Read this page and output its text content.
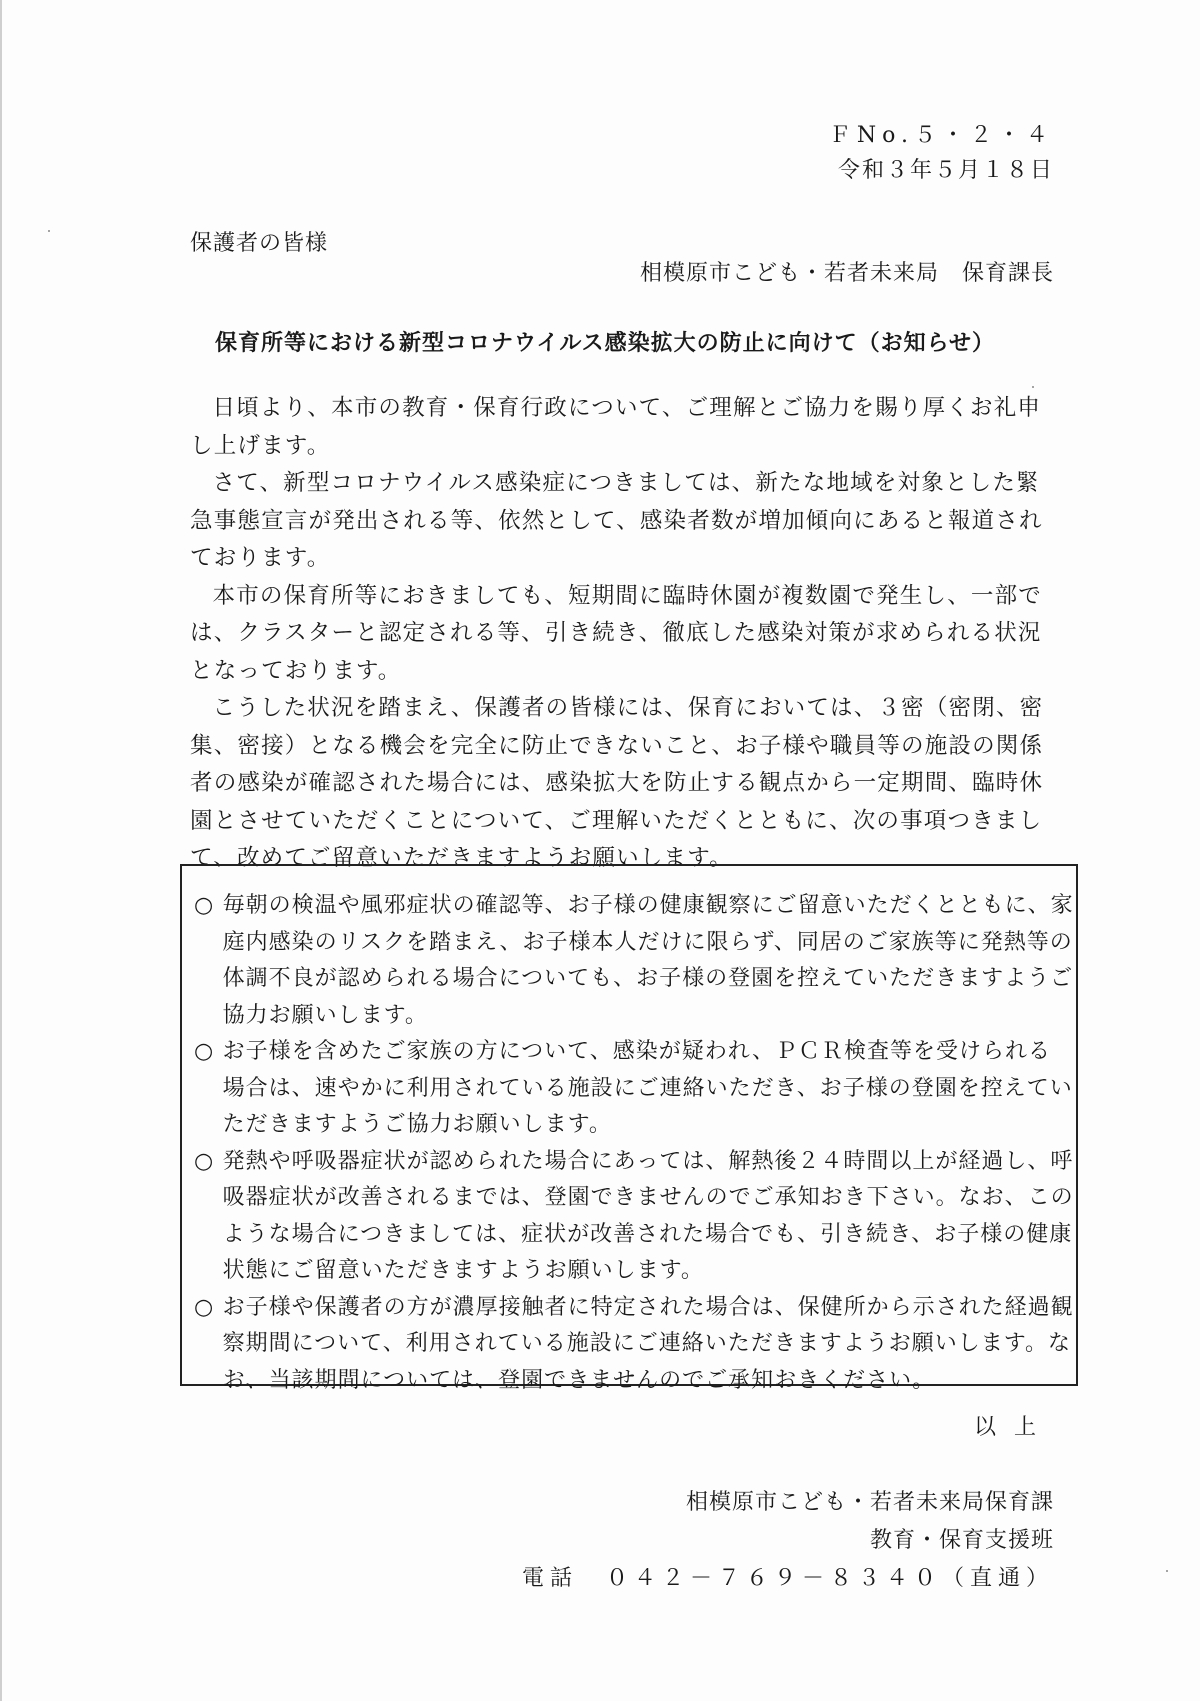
ＦNo.５・２・４
令和３年５月１８日
保護者の皆様
相模原市こども・若者未来局　保育課長
保育所等における新型コロナウイルス感染拡大の防止に向けて（お知らせ）

日頃より、本市の教育・保育行政について、ご理解とご協力を賜り厚くお礼申し上げます。

さて、新型コロナウイルス感染症につきましては、新たな地域を対象とした緊急事態宣言が発出される等、依然として、感染者数が増加傾向にあると報道されております。

本市の保育所等におきましても、短期間に臨時休園が複数園で発生し、一部では、クラスターと認定される等、引き続き、徹底した感染対策が求められる状況となっております。

こうした状況を踏まえ、保護者の皆様には、保育においては、３密（密閉、密集、密接）となる機会を完全に防止できないこと、お子様や職員等の施設の関係者の感染が確認された場合には、感染拡大を防止する観点から一定期間、臨時休園とさせていただくことについて、ご理解いただくとともに、次の事項つきまして、改めてご留意いただきますようお願いします。

○ 毎朝の検温や風邪症状の確認等、お子様の健康観察にご留意いただくとともに、家庭内感染のリスクを踏まえ、お子様本人だけに限らず、同居のご家族等に発熱等の体調不良が認められる場合についても、お子様の登園を控えていただきますようご協力お願いします。
○ お子様を含めたご家族の方について、感染が疑われ、ＰＣＲ検査等を受けられる場合は、速やかに利用されている施設にご連絡いただき、お子様の登園を控えていただきますようご協力お願いします。
○ 発熱や呼吸器症状が認められた場合にあっては、解熱後２４時間以上が経過し、呼吸器症状が改善されるまでは、登園できませんのでご承知おき下さい。なお、このような場合につきましては、症状が改善された場合でも、引き続き、お子様の健康状態にご留意いただきますようお願いします。
○ お子様や保護者の方が濃厚接触者に特定された場合は、保健所から示された経過観察期間について、利用されている施設にご連絡いただきますようお願いします。なお、当該期間については、登園できませんのでご承知おきください。
以上
相模原市こども・若者未来局保育課
教育・保育支援班
電話　０４２－７６９－８３４０（直通）
